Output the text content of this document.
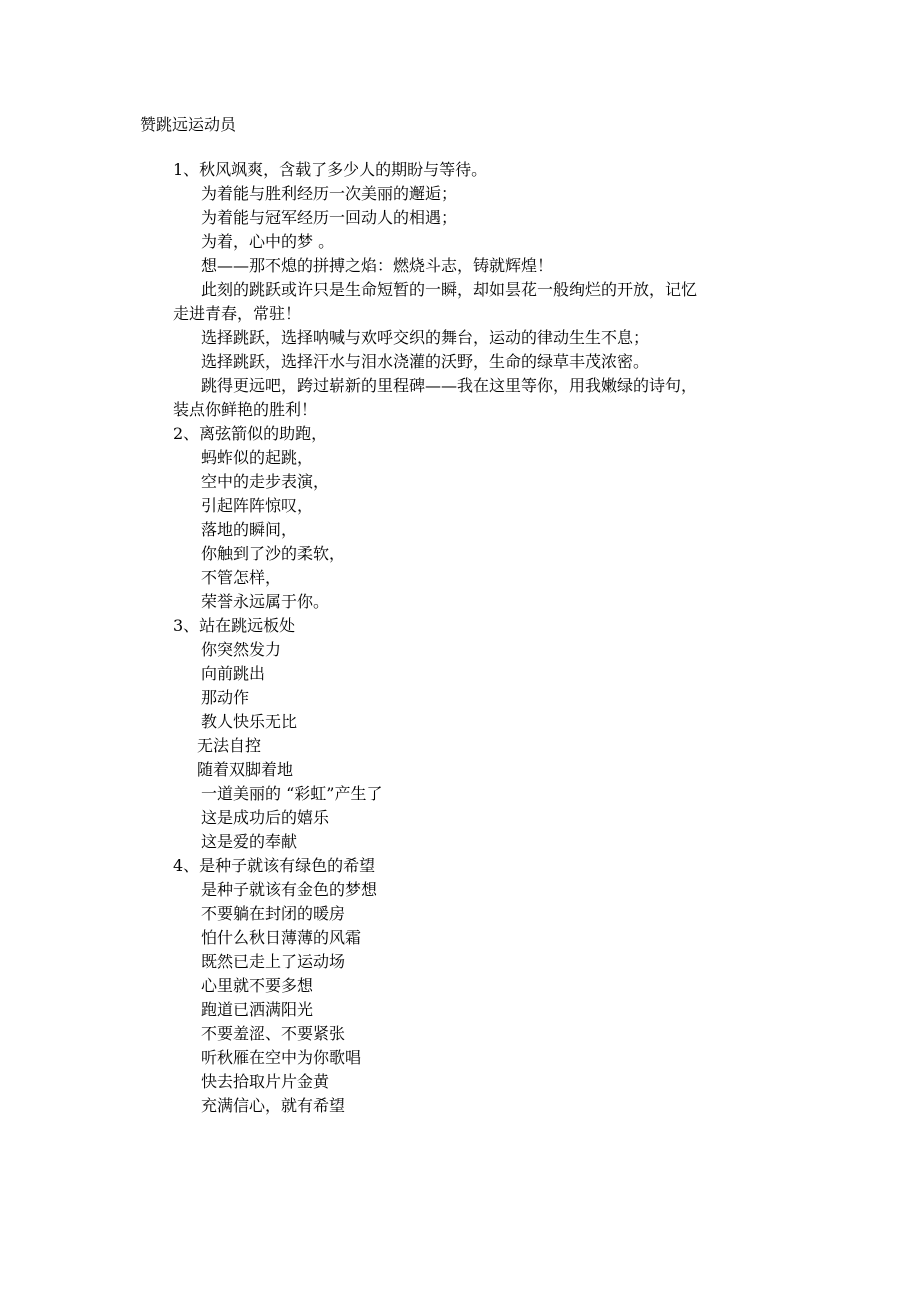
赞跳远运动员
1、秋风飒爽，含载了多少人的期盼与等待。
为着能与胜利经历一次美丽的邂逅；
为着能与冠军经历一回动人的相遇；
为着，心中的梦 。
想——那不熄的拼搏之焰：燃烧斗志，铸就辉煌！
此刻的跳跃或许只是生命短暂的一瞬，却如昙花一般绚烂的开放，记忆
走进青春，常驻！
选择跳跃，选择呐喊与欢呼交织的舞台，运动的律动生生不息；
选择跳跃，选择汗水与泪水浇灌的沃野，生命的绿草丰茂浓密。
跳得更远吧，跨过崭新的里程碑——我在这里等你，用我嫩绿的诗句，
装点你鲜艳的胜利！
2、离弦箭似的助跑，
蚂蚱似的起跳，
空中的走步表演，
引起阵阵惊叹，
落地的瞬间，
你触到了沙的柔软，
不管怎样，
荣誉永远属于你。
3、站在跳远板处
你突然发力
向前跳出
那动作
教人快乐无比
无法自控
随着双脚着地
一道美丽的 “彩虹”产生了
这是成功后的嬉乐
这是爱的奉献
4、是种子就该有绿色的希望
是种子就该有金色的梦想
不要躺在封闭的暖房
怕什么秋日薄薄的风霜
既然已走上了运动场
心里就不要多想
跑道已洒满阳光
不要羞涩、不要紧张
听秋雁在空中为你歌唱
快去拾取片片金黄
充满信心，就有希望
